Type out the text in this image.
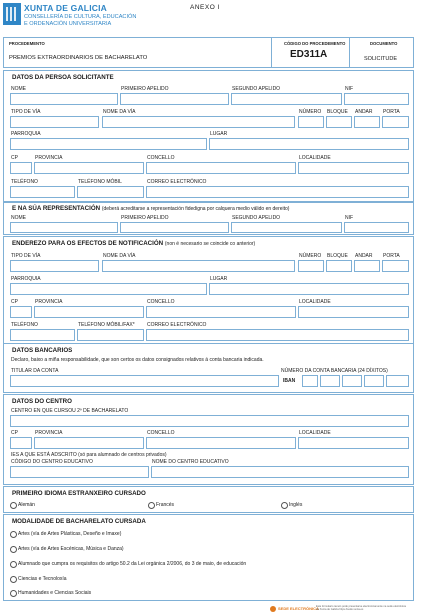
XUNTA DE GALICIA
CONSELLERÍA DE CULTURA, EDUCACIÓN
E ORDENACIÓN UNIVERSITARIA
ANEXO I
PROCEDEMENTO
PREMIOS EXTRAORDINARIOS DE BACHARELATO
CÓDIGO DO PROCEDEMENTO
ED311A
DOCUMENTO
SOLICITUDE
DATOS DA PERSOA SOLICITANTE
NOME	PRIMEIRO APELIDO	SEGUNDO APELIDO	NIF
TIPO DE VÍA	NOME DA VÍA	NÚMERO BLOQUE ANDAR PORTA
PARROQUIA	LUGAR
CP	PROVINCIA	CONCELLO	LOCALIDADE
TELÉFONO	TELÉFONO MÓBIL	CORREO ELECTRÓNICO
E NA SÚA REPRESENTACIÓN (deberá acreditarse a representación fidedigna por calquera medio válido en dereito)
NOME	PRIMEIRO APELIDO	SEGUNDO APELIDO	NIF
ENDEREZO PARA OS EFECTOS DE NOTIFICACIÓN (non é necesario se coincide co anterior)
TIPO DE VÍA	NOME DA VÍA	NÚMERO BLOQUE ANDAR PORTA
PARROQUIA	LUGAR
CP	PROVINCIA	CONCELLO	LOCALIDADE
TELÉFONO	TELÉFONO MÓBIL/FAX* CORREO ELECTRÓNICO
DATOS BANCARIOS
Declaro, baixo a miña responsabilidade, que son certos os datos consignados relativos á conta bancaria indicada.
TITULAR DA CONTA	NÚMERO DA CONTA BANCARIA (24 DÍXITOS)
IBAN
DATOS DO CENTRO
CENTRO EN QUE CURSOU 2º DE BACHARELATO
CP	PROVINCIA	CONCELLO	LOCALIDADE
IES A QUE ESTÁ ADSCRITO (só para alumnado de centros privados)
CÓDIGO DO CENTRO EDUCATIVO	NOME DO CENTRO EDUCATIVO
PRIMEIRO IDIOMA ESTRANXEIRO CURSADO
Alemán	Francés	Inglés
MODALIDADE DE BACHARELATO CURSADA
Artes (vía de Artes Plásticas, Deseño e Imaxe)
Artes (vía de Artes Escénicas, Música e Danza)
Alumnado que cumpra os requisitos do artigo 50.2 da Lei orgánica 2/2006, do 3 de maio, de educación
Ciencias e Tecnoloxía
Humanidades e Ciencias Sociais
SEDE ELECTRÓNICA
Este formulario tamén pode presentarse electronicamente na sede electrónica da Xunta de Galicia https://sede.xunta.es
